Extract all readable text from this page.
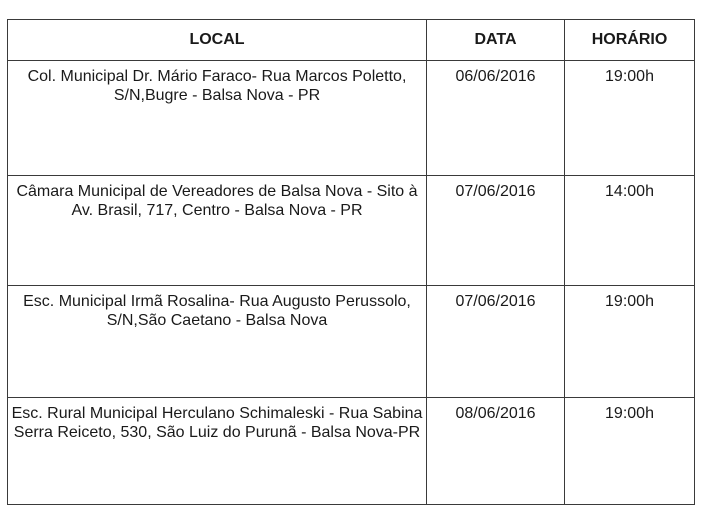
LOCAL	DATA	HORÁRIO
Col. Municipal Dr. Mário Faraco- Rua Marcos Poletto, S/N,Bugre - Balsa Nova - PR	06/06/2016	19:00h
Câmara Municipal de Vereadores de Balsa Nova - Sito à Av. Brasil, 717, Centro - Balsa Nova - PR	07/06/2016	14:00h
Esc. Municipal Irmã Rosalina- Rua Augusto Perussolo, S/N,São Caetano - Balsa Nova	07/06/2016	19:00h
Esc. Rural Municipal Herculano Schimaleski - Rua Sabina Serra Reiceto, 530, São Luiz do Purunã - Balsa Nova-PR	08/06/2016	19:00h
